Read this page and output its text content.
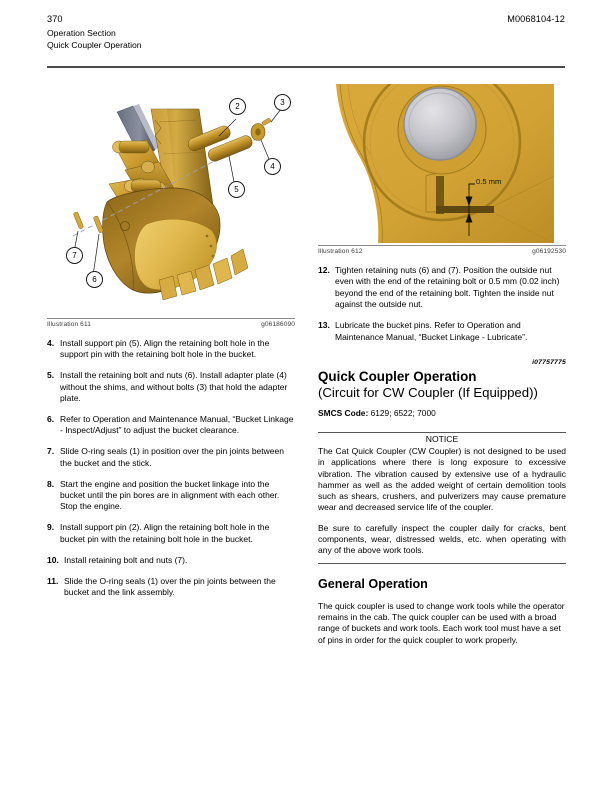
370	M0068104-12
Operation Section
Quick Coupler Operation
2	3
4
5
7
6
Illustration 611	g06186090
4. Install support pin (5). Align the retaining bolt hole in the support pin with the retaining bolt hole in the bucket.
5. Install the retaining bolt and nuts (6). Install adapter plate (4) without the shims, and without bolts (3) that hold the adapter plate.
6. Refer to Operation and Maintenance Manual, “Bucket Linkage - Inspect/Adjust” to adjust the bucket clearance.
7. Slide O-ring seals (1) in position over the pin joints between the bucket and the stick.
8. Start the engine and position the bucket linkage into the bucket until the pin bores are in alignment with each other. Stop the engine.
9. Install support pin (2). Align the retaining bolt hole in the bucket pin with the retaining bolt hole in the bucket.
10. Install retaining bolt and nuts (7).
11. Slide the O-ring seals (1) over the pin joints between the bucket and the link assembly.
0.5 mm
Illustration 612	g06192530
12. Tighten retaining nuts (6) and (7). Position the outside nut even with the end of the retaining bolt or 0.5 mm (0.02 inch) beyond the end of the retaining bolt. Tighten the inside nut against the outside nut.
13. Lubricate the bucket pins. Refer to Operation and Maintenance Manual, “Bucket Linkage - Lubricate”.
i07757775
Quick Coupler Operation
(Circuit for CW Coupler (If Equipped))
SMCS Code: 6129; 6522; 7000
NOTICE

The Cat Quick Coupler (CW Coupler) is not designed to be used in applications where there is long exposure to excessive vibration. The vibration caused by extensive use of a hydraulic hammer as well as the added weight of certain demolition tools such as shears, crushers, and pulverizers may cause premature wear and decreased service life of the coupler.

Be sure to carefully inspect the coupler daily for cracks, bent components, wear, distressed welds, etc. when operating with any of the above work tools.

General Operation
The quick coupler is used to change work tools while the operator remains in the cab. The quick coupler can be used with a broad range of buckets and work tools. Each work tool must have a set of pins in order for the quick coupler to work properly.
